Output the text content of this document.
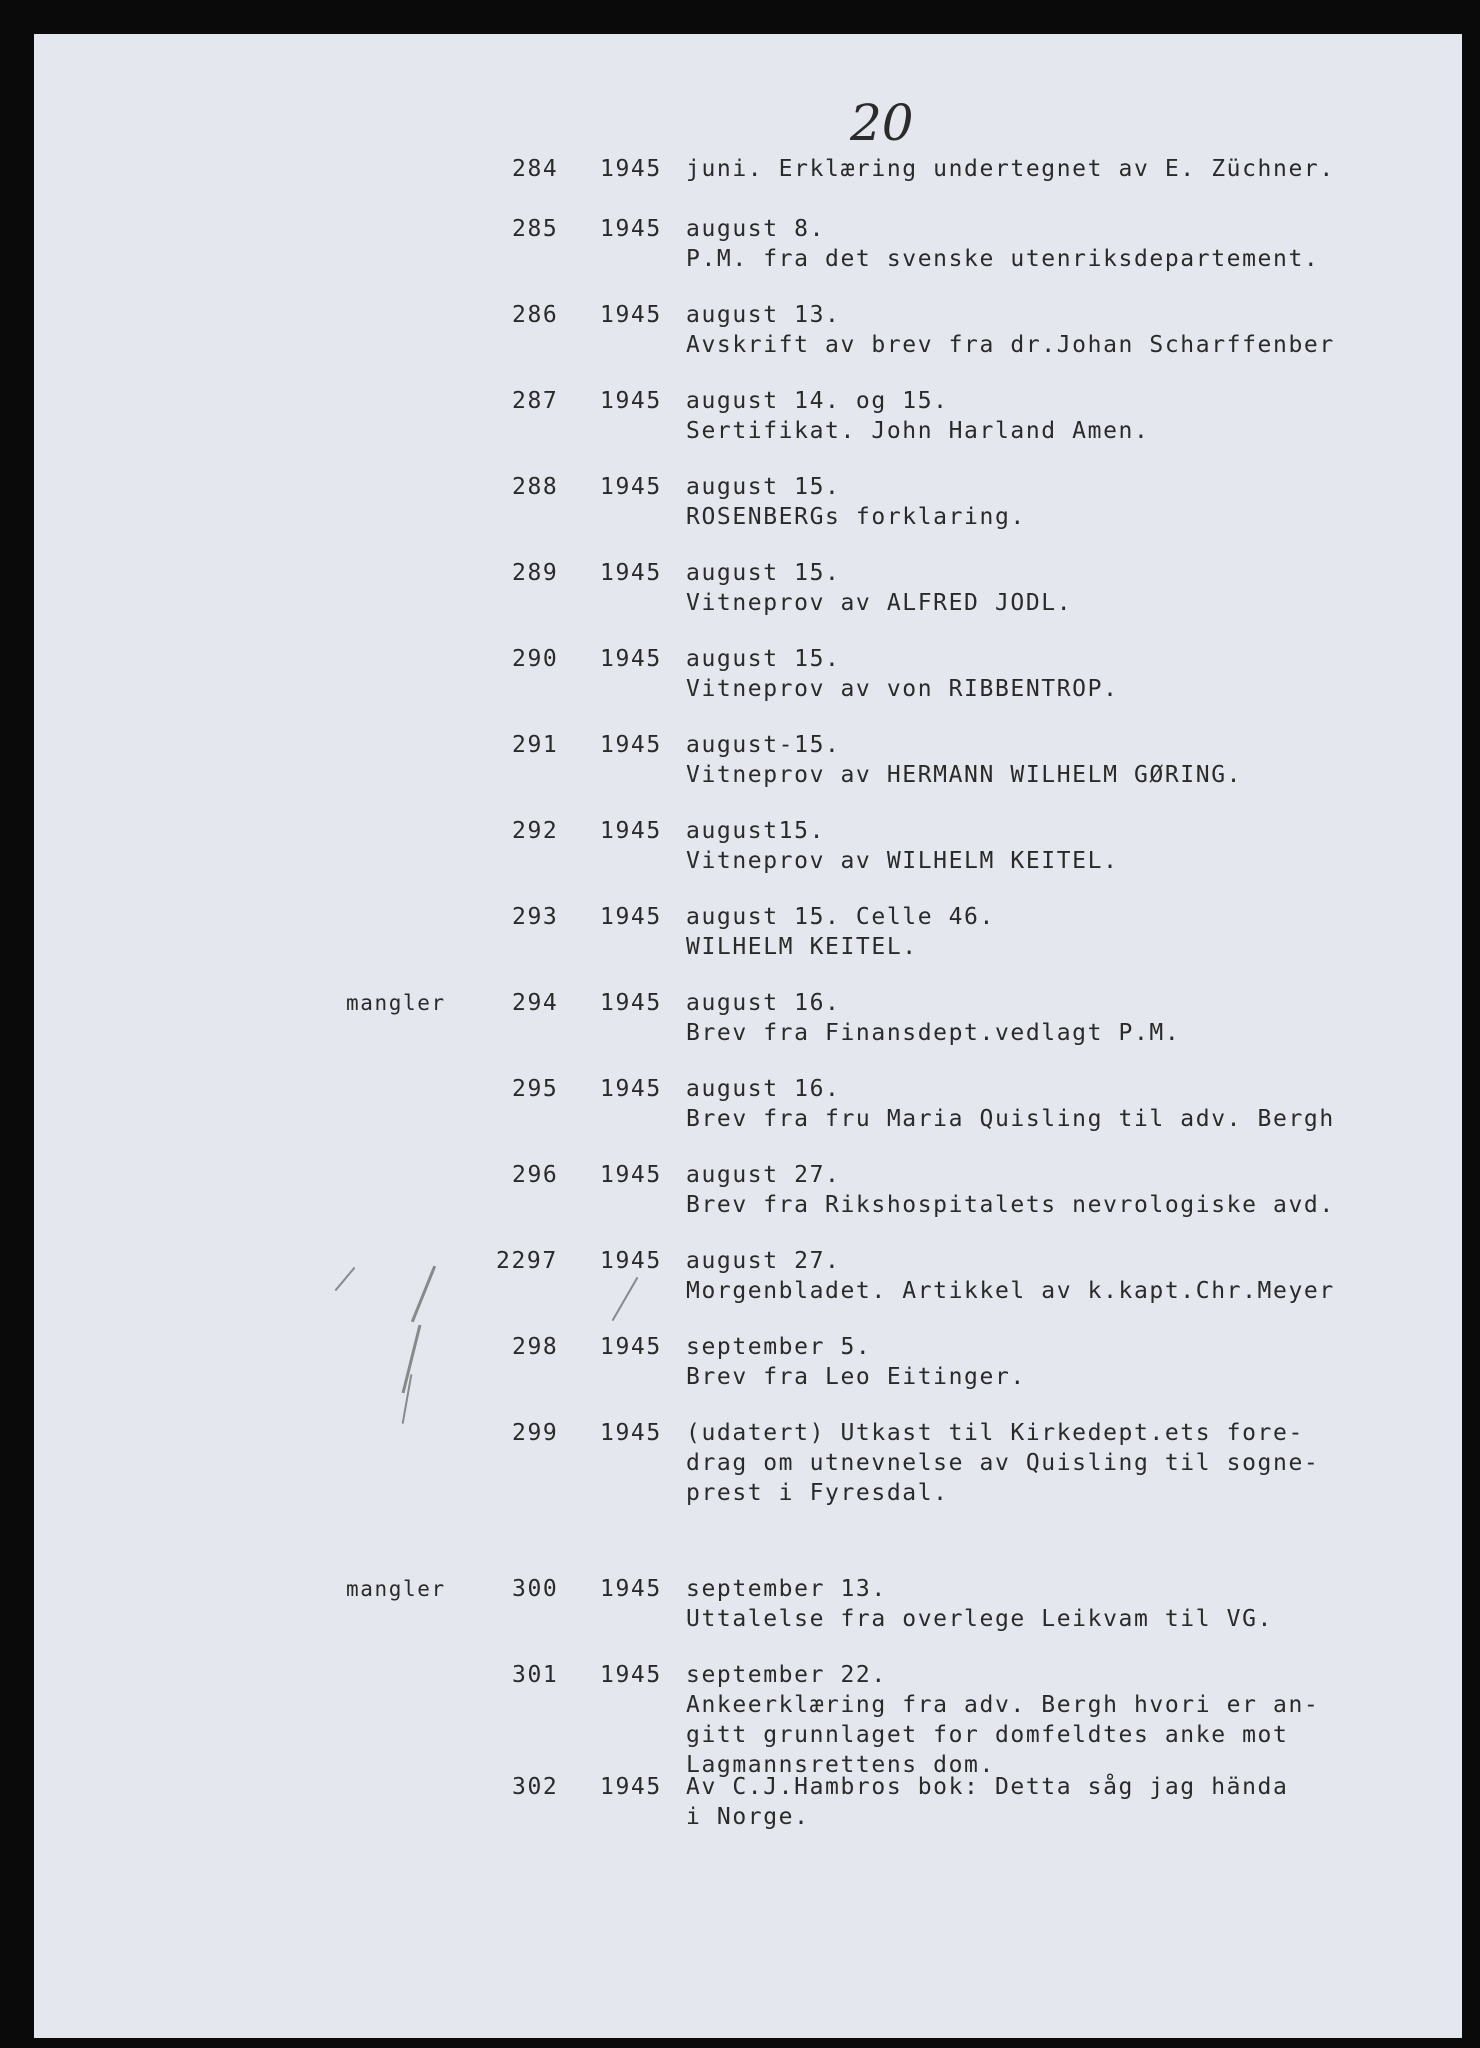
20
284 1945 juni. Erklæring undertegnet av E. Züchner.
285 1945 august 8.
P.M. fra det svenske utenriksdepartement.
286 1945 august 13.
Avskrift av brev fra dr.Johan Scharffenber
287 1945 august 14. og 15.
Sertifikat. John Harland Amen.
288 1945 august 15.
ROSENBERGs forklaring.
289 1945 august 15.
Vitneprov av ALFRED JODL.
290 1945 august 15.
Vitneprov av von RIBBENTROP.
291 1945 august-15.
Vitneprov av HERMANN WILHELM GØRING.
292 1945 august15.
Vitneprov av WILHELM KEITEL.
293 1945 august 15. Celle 46.
WILHELM KEITEL.
mangler	294 1945 august 16.
Brev fra Finansdept.vedlagt P.M.
295 1945 august 16.
Brev fra fru Maria Quisling til adv. Bergh
296 1945 august 27.
Brev fra Rikshospitalets nevrologiske avd.
2297 1945 august 27.
Morgenbladet. Artikkel av k.kapt.Chr.Meyer
298 1945 september 5.
Brev fra Leo Eitinger.
299 1945 (udatert) Utkast til Kirkedept.ets fore-
drag om utnevnelse av Quisling til sogne-
prest i Fyresdal.
mangler	300 1945 september 13.
Uttalelse fra overlege Leikvam til VG.
301 1945 september 22.
Ankeerklæring fra adv. Bergh hvori er an-
gitt grunnlaget for domfeldtes anke mot
Lagmannsrettens dom.
302 1945 Av C.J.Hambros bok: Detta såg jag hända
i Norge.
